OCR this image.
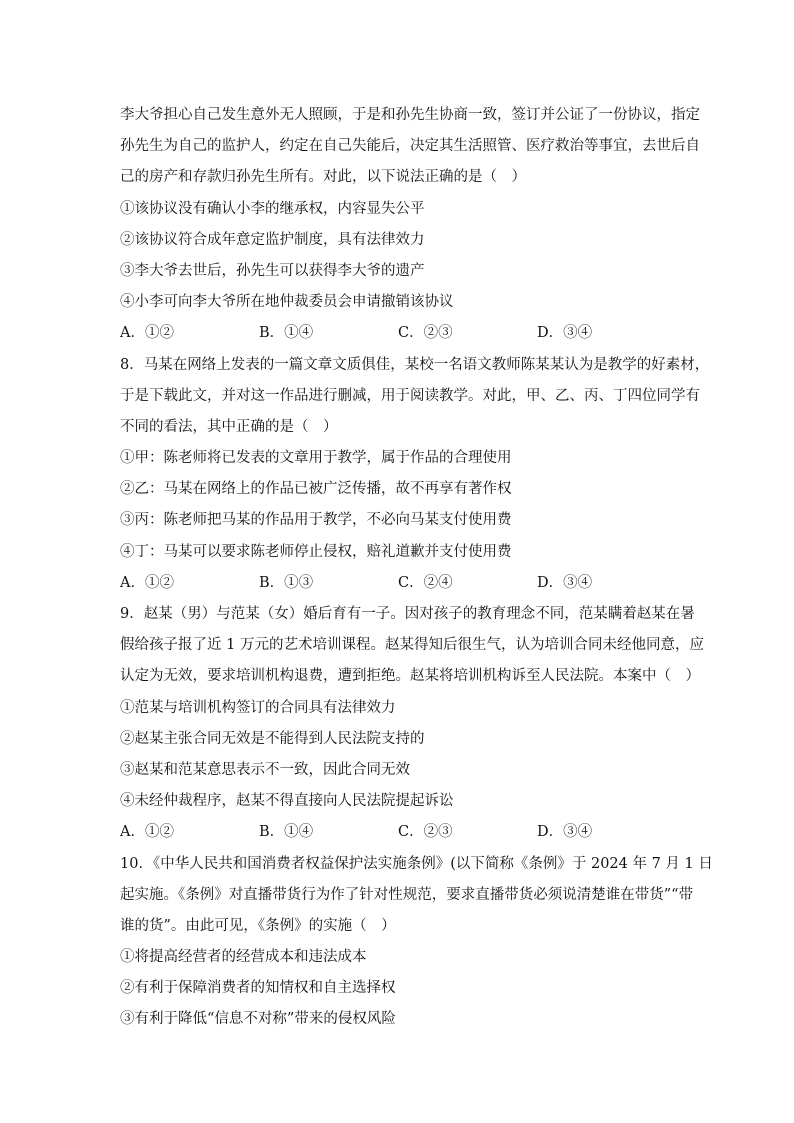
李大爷担心自己发生意外无人照顾，于是和孙先生协商一致，签订并公证了一份协议，指定
孙先生为自己的监护人，约定在自己失能后，决定其生活照管、医疗救治等事宜，去世后自
己的房产和存款归孙先生所有。对此，以下说法正确的是（　）
①该协议没有确认小李的继承权，内容显失公平
②该协议符合成年意定监护制度，具有法律效力
③李大爷去世后，孙先生可以获得李大爷的遗产
④小李可向李大爷所在地仲裁委员会申请撤销该协议
A．①②	B．①④	C．②③	D．③④
8．马某在网络上发表的一篇文章文质俱佳，某校一名语文教师陈某某认为是教学的好素材，
于是下载此文，并对这一作品进行删减，用于阅读教学。对此，甲、乙、丙、丁四位同学有
不同的看法，其中正确的是（　）
①甲：陈老师将已发表的文章用于教学，属于作品的合理使用
②乙：马某在网络上的作品已被广泛传播，故不再享有著作权
③丙：陈老师把马某的作品用于教学，不必向马某支付使用费
④丁：马某可以要求陈老师停止侵权，赔礼道歉并支付使用费
A．①②	B．①③	C．②④	D．③④
9．赵某（男）与范某（女）婚后育有一子。因对孩子的教育理念不同，范某瞒着赵某在暑
假给孩子报了近 1 万元的艺术培训课程。赵某得知后很生气，认为培训合同未经他同意，应
认定为无效，要求培训机构退费，遭到拒绝。赵某将培训机构诉至人民法院。本案中（　）
①范某与培训机构签订的合同具有法律效力
②赵某主张合同无效是不能得到人民法院支持的
③赵某和范某意思表示不一致，因此合同无效
④未经仲裁程序，赵某不得直接向人民法院提起诉讼
A．①②	B．①④	C．②③	D．③④
10．《中华人民共和国消费者权益保护法实施条例》(以下简称《条例》于 2024 年 7 月 1 日
起实施。《条例》对直播带货行为作了针对性规范，要求直播带货必须说清楚谁在带货”“带
谁的货”。由此可见，《条例》的实施（　）
①将提高经营者的经营成本和违法成本
②有利于保障消费者的知情权和自主选择权
③有利于降低“信息不对称”带来的侵权风险
